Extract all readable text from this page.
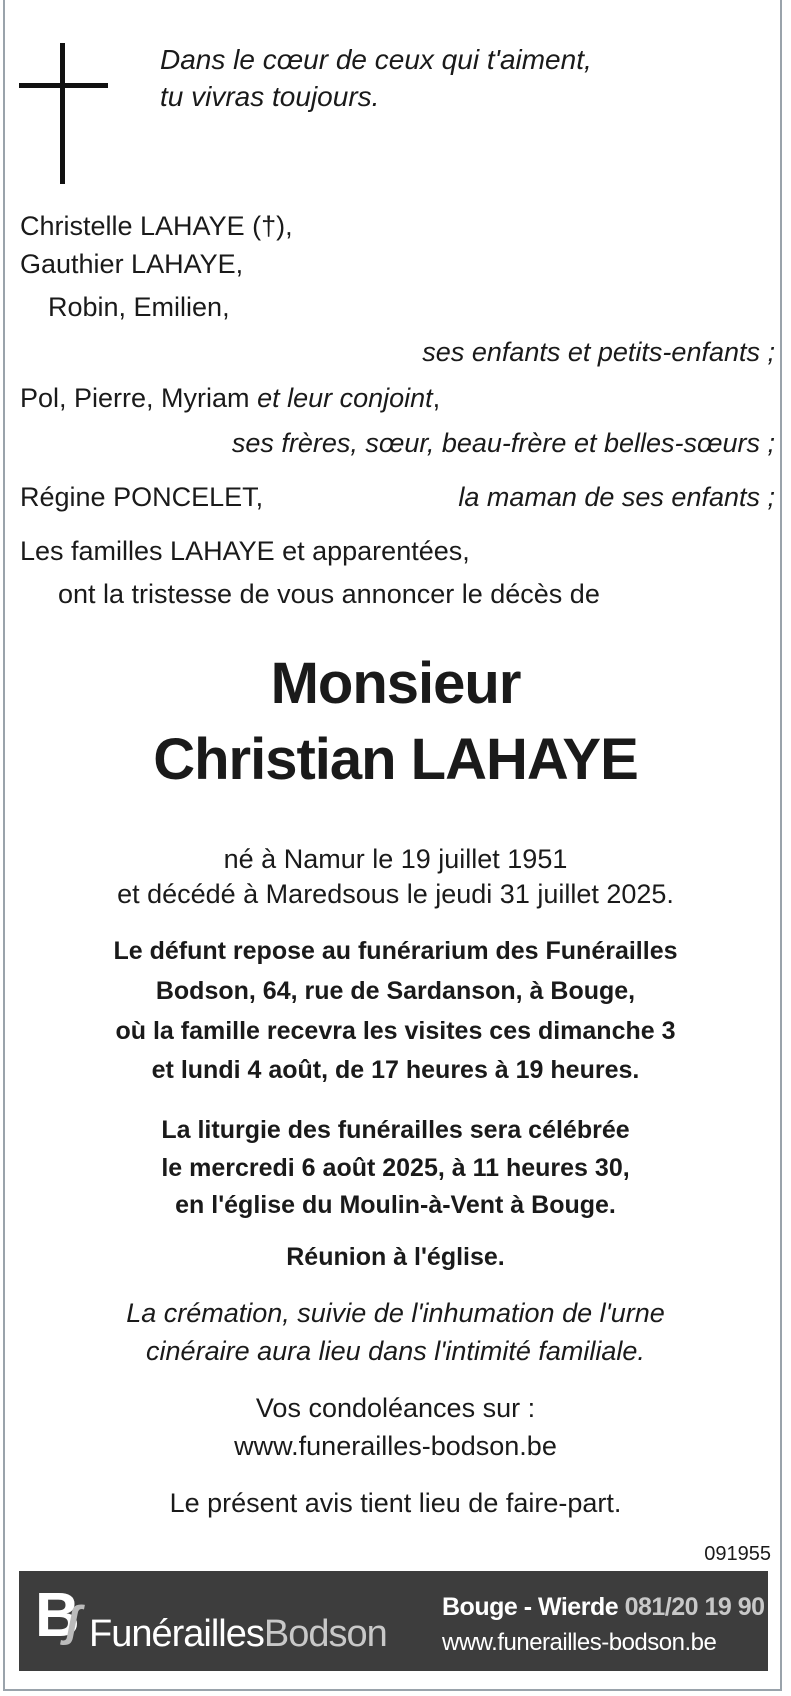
Dans le cœur de ceux qui t'aiment,
tu vivras toujours.
Christelle LAHAYE (†),
Gauthier LAHAYE,
Robin, Emilien,
ses enfants et petits-enfants ;
Pol, Pierre, Myriam et leur conjoint,
ses frères, sœur, beau-frère et belles-sœurs ;
Régine PONCELET,	la maman de ses enfants ;
Les familles LAHAYE et apparentées,
ont la tristesse de vous annoncer le décès de
Monsieur
Christian LAHAYE
né à Namur le 19 juillet 1951
et décédé à Maredsous le jeudi 31 juillet 2025.
Le défunt repose au funérarium des Funérailles
Bodson, 64, rue de Sardanson, à Bouge,
où la famille recevra les visites ces dimanche 3
et lundi 4 août, de 17 heures à 19 heures.
La liturgie des funérailles sera célébrée
le mercredi 6 août 2025, à 11 heures 30,
en l'église du Moulin-à-Vent à Bouge.
Réunion à l'église.
La crémation, suivie de l'inhumation de l'urne
cinéraire aura lieu dans l'intimité familiale.
Vos condoléances sur :
www.funerailles-bodson.be
Le présent avis tient lieu de faire-part.
091955
Bʃ FunéraillesBodson
Bouge - Wierde 081/20 19 90
www.funerailles-bodson.be
